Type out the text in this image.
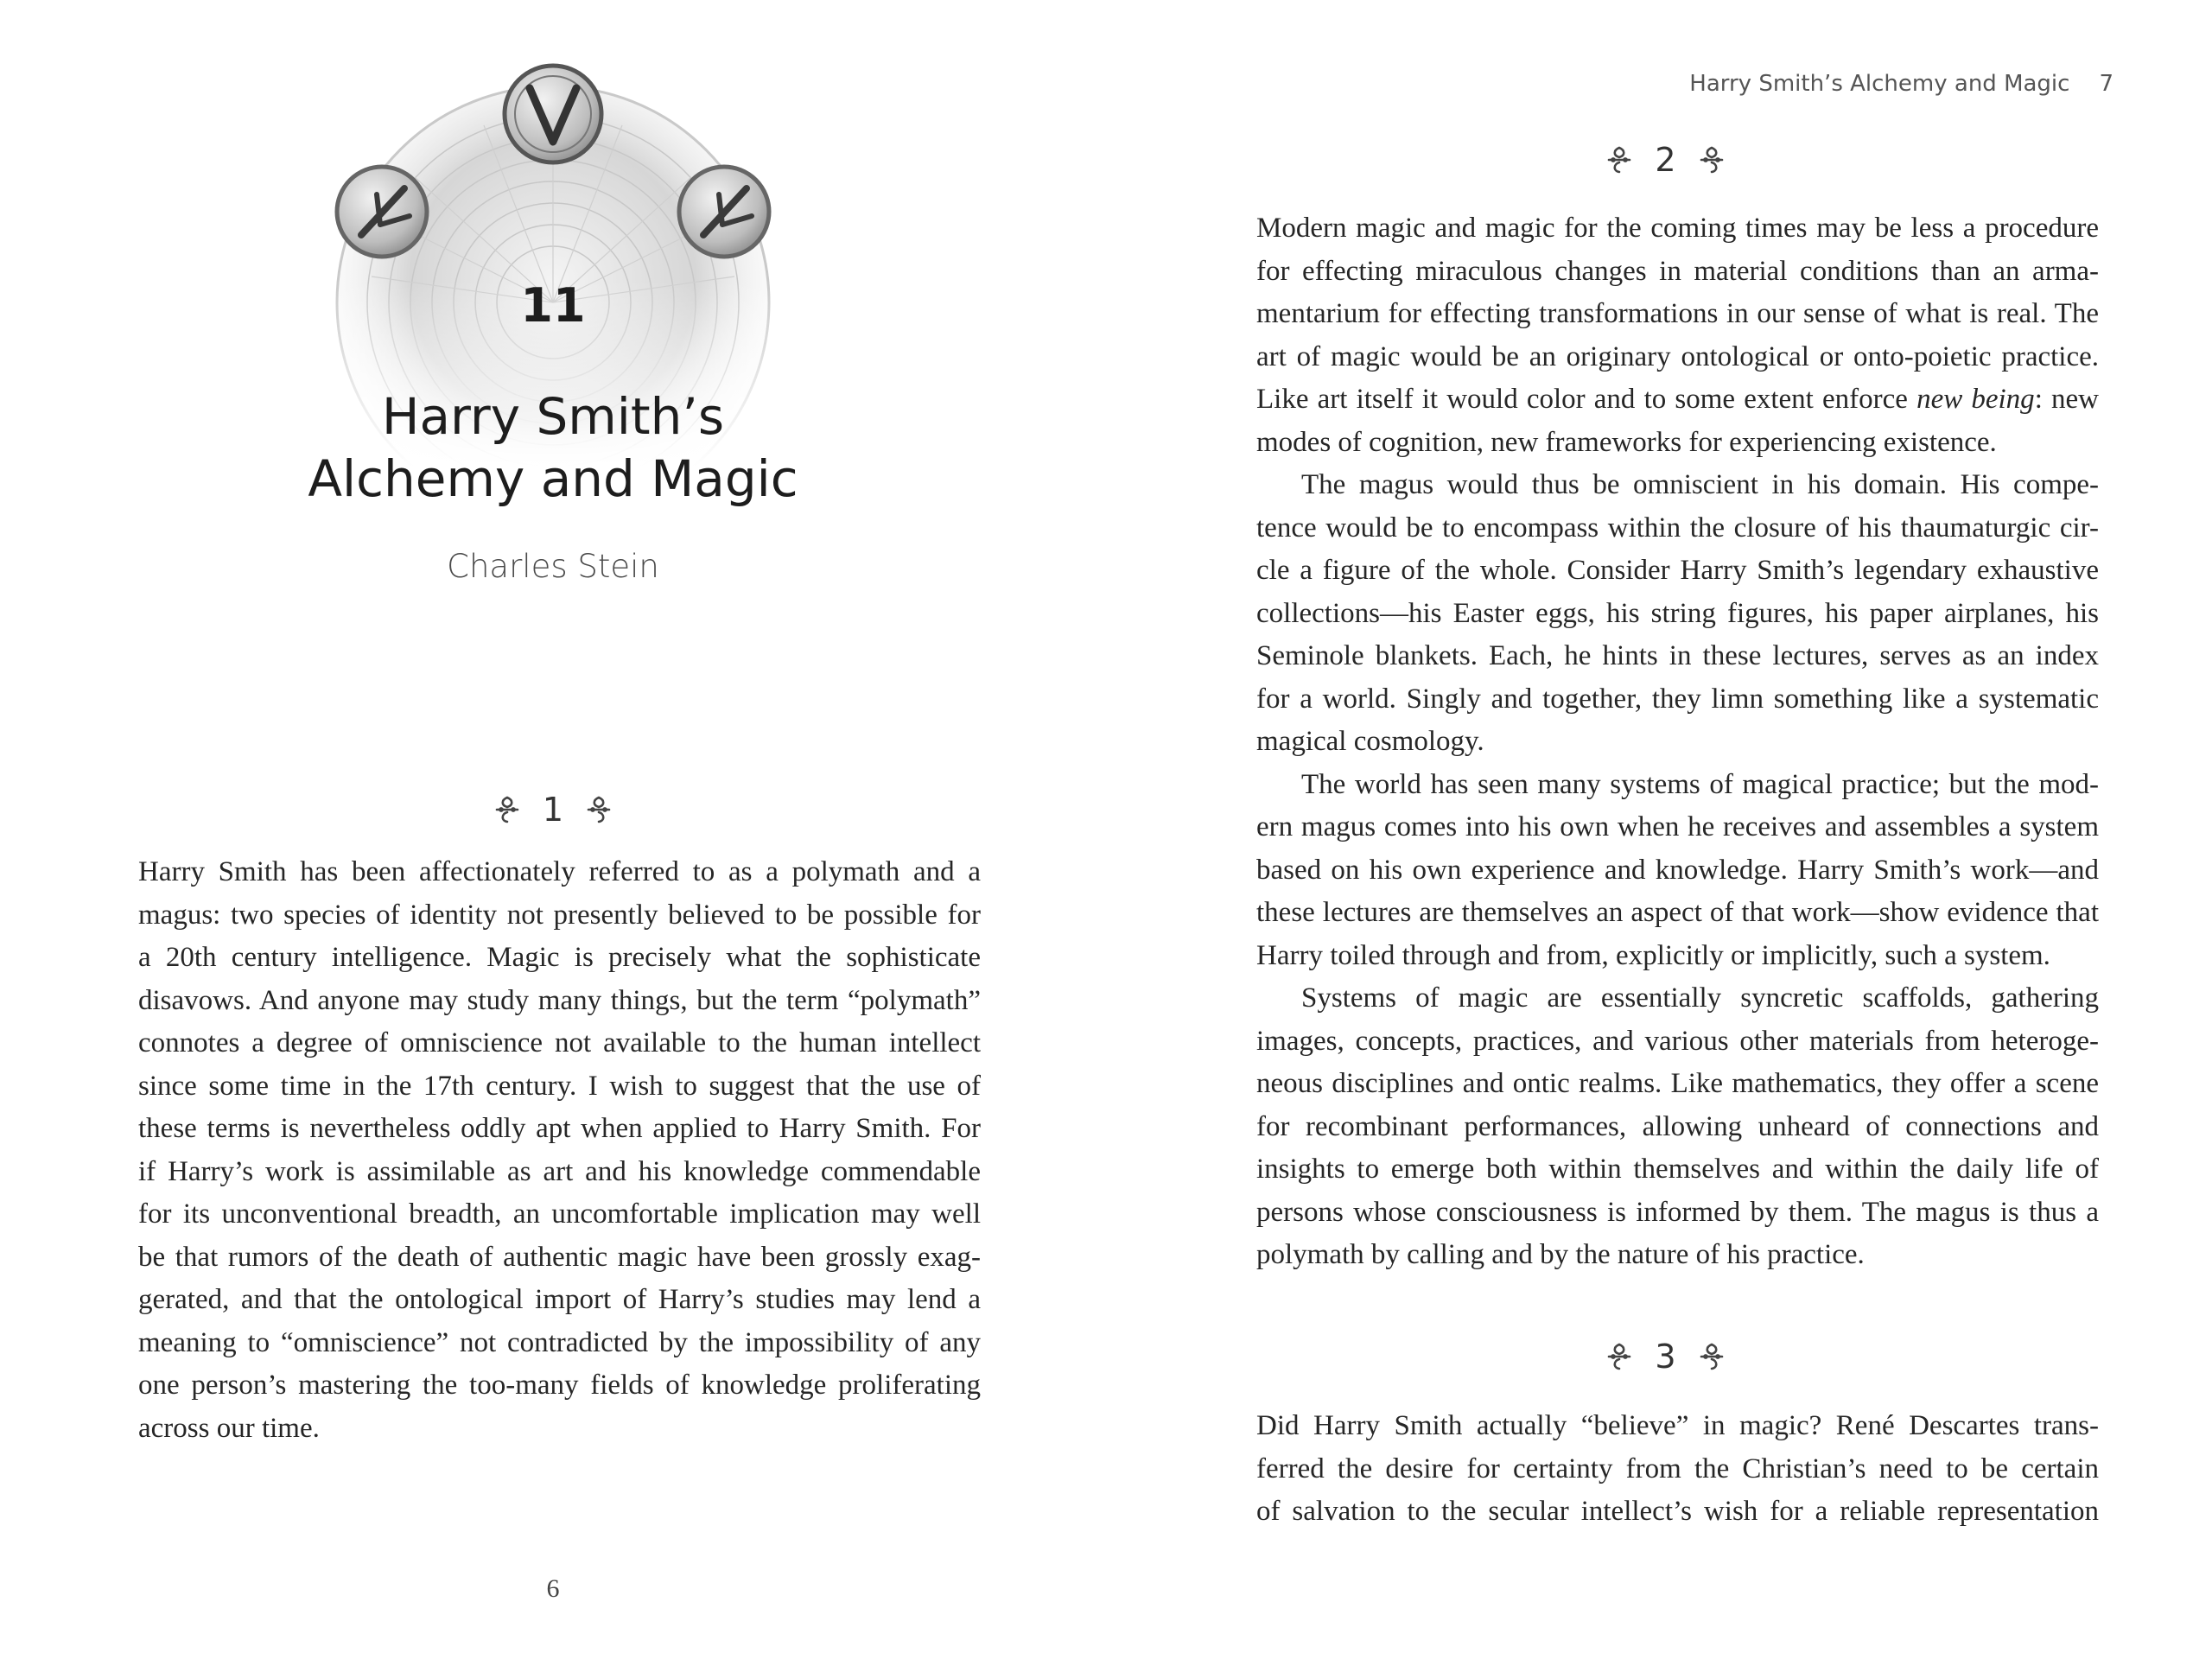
11
Harry Smith’s
Alchemy and Magic
Charles Stein
1
Harry Smith has been affectionately referred to as a polymath and a
magus: two species of identity not presently believed to be possible for
a 20th century intelligence. Magic is precisely what the sophisticate
disavows. And anyone may study many things, but the term “polymath”
connotes a degree of omniscience not available to the human intellect
since some time in the 17th century. I wish to suggest that the use of
these terms is nevertheless oddly apt when applied to Harry Smith. For
if Harry’s work is assimilable as art and his knowledge commendable
for its unconventional breadth, an uncomfortable implication may well
be that rumors of the death of authentic magic have been grossly exag-
gerated, and that the ontological import of Harry’s studies may lend a
meaning to “omniscience” not contradicted by the impossibility of any
one person’s mastering the too-many fields of knowledge proliferating
across our time.
6
Harry Smith’s Alchemy and Magic 7
2
Modern magic and magic for the coming times may be less a procedure
for effecting miraculous changes in material conditions than an arma-
mentarium for effecting transformations in our sense of what is real. The
art of magic would be an originary ontological or onto-poietic practice.
Like art itself it would color and to some extent enforce new being: new
modes of cognition, new frameworks for experiencing existence.
The magus would thus be omniscient in his domain. His compe-
tence would be to encompass within the closure of his thaumaturgic cir-
cle a figure of the whole. Consider Harry Smith’s legendary exhaustive
collections—his Easter eggs, his string figures, his paper airplanes, his
Seminole blankets. Each, he hints in these lectures, serves as an index
for a world. Singly and together, they limn something like a systematic
magical cosmology.
The world has seen many systems of magical practice; but the mod-
ern magus comes into his own when he receives and assembles a system
based on his own experience and knowledge. Harry Smith’s work—and
these lectures are themselves an aspect of that work—show evidence that
Harry toiled through and from, explicitly or implicitly, such a system.
Systems of magic are essentially syncretic scaffolds, gathering
images, concepts, practices, and various other materials from heteroge-
neous disciplines and ontic realms. Like mathematics, they offer a scene
for recombinant performances, allowing unheard of connections and
insights to emerge both within themselves and within the daily life of
persons whose consciousness is informed by them. The magus is thus a
polymath by calling and by the nature of his practice.
3
Did Harry Smith actually “believe” in magic? René Descartes trans-
ferred the desire for certainty from the Christian’s need to be certain
of salvation to the secular intellect’s wish for a reliable representation
